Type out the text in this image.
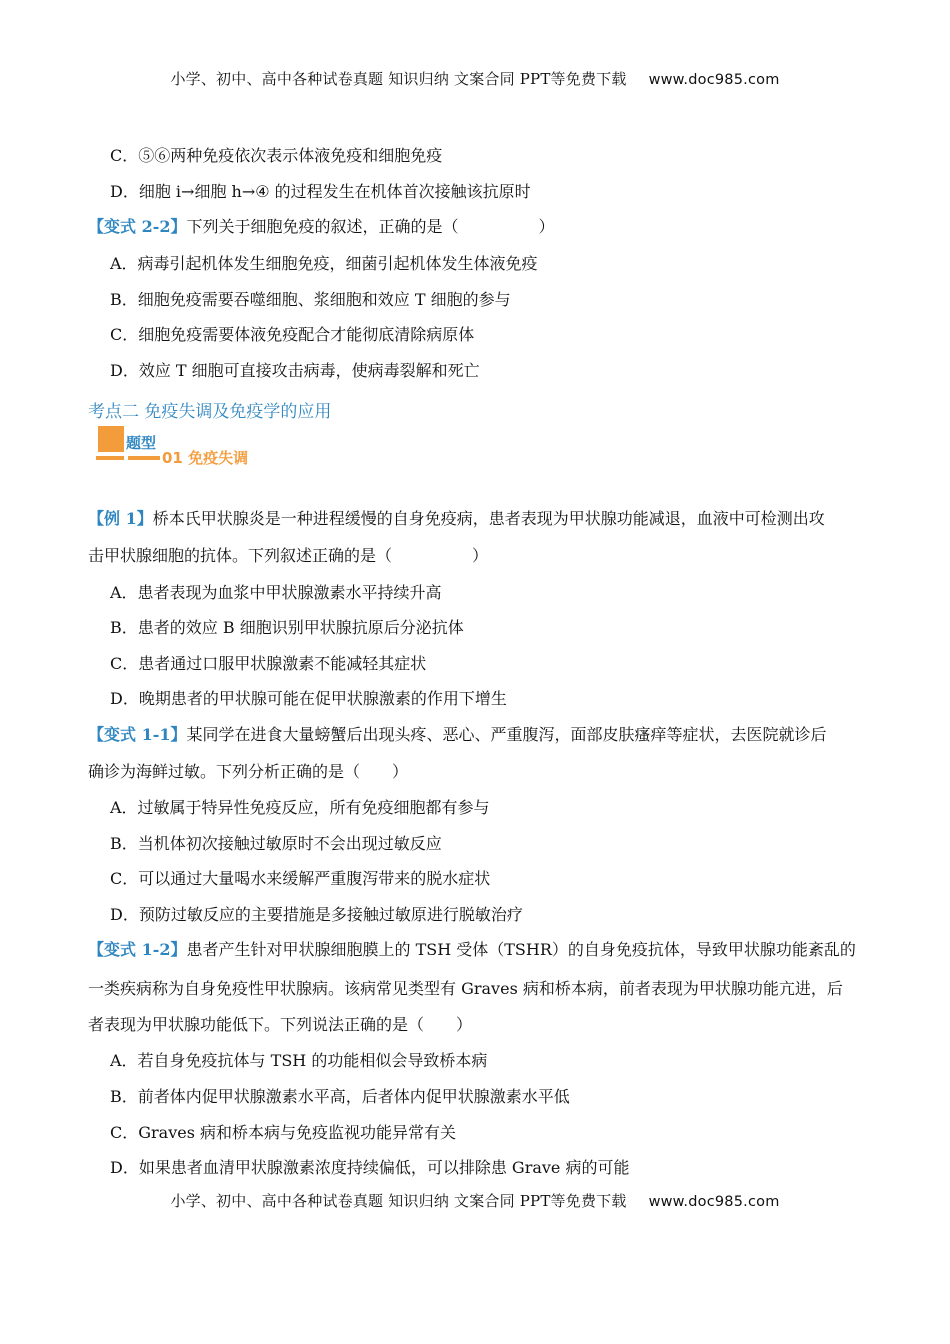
小学、初中、高中各种试卷真题 知识归纳 文案合同 PPT等免费下载 www.doc985.com
C．⑤⑥两种免疫依次表示体液免疫和细胞免疫
D．细胞 i→细胞 h→④ 的过程发生在机体首次接触该抗原时
【变式 2-2】下列关于细胞免疫的叙述，正确的是（　　　　　）
A．病毒引起机体发生细胞免疫，细菌引起机体发生体液免疫
B．细胞免疫需要吞噬细胞、浆细胞和效应 T 细胞的参与
C．细胞免疫需要体液免疫配合才能彻底清除病原体
D．效应 T 细胞可直接攻击病毒，使病毒裂解和死亡
考点二 免疫失调及免疫学的应用
题型
01 免疫失调
【例 1】桥本氏甲状腺炎是一种进程缓慢的自身免疫病，患者表现为甲状腺功能减退，血液中可检测出攻
击甲状腺细胞的抗体。下列叙述正确的是（　　　　　）
A．患者表现为血浆中甲状腺激素水平持续升高
B．患者的效应 B 细胞识别甲状腺抗原后分泌抗体
C．患者通过口服甲状腺激素不能减轻其症状
D．晚期患者的甲状腺可能在促甲状腺激素的作用下增生
【变式 1-1】某同学在进食大量螃蟹后出现头疼、恶心、严重腹泻，面部皮肤瘙痒等症状，去医院就诊后
确诊为海鲜过敏。下列分析正确的是（　　）
A．过敏属于特异性免疫反应，所有免疫细胞都有参与
B．当机体初次接触过敏原时不会出现过敏反应
C．可以通过大量喝水来缓解严重腹泻带来的脱水症状
D．预防过敏反应的主要措施是多接触过敏原进行脱敏治疗
【变式 1-2】患者产生针对甲状腺细胞膜上的 TSH 受体（TSHR）的自身免疫抗体，导致甲状腺功能紊乱的
一类疾病称为自身免疫性甲状腺病。该病常见类型有 Graves 病和桥本病，前者表现为甲状腺功能亢进，后
者表现为甲状腺功能低下。下列说法正确的是（　　）
A．若自身免疫抗体与 TSH 的功能相似会导致桥本病
B．前者体内促甲状腺激素水平高，后者体内促甲状腺激素水平低
C．Graves 病和桥本病与免疫监视功能异常有关
D．如果患者血清甲状腺激素浓度持续偏低，可以排除患 Grave 病的可能
小学、初中、高中各种试卷真题 知识归纳 文案合同 PPT等免费下载 www.doc985.com
